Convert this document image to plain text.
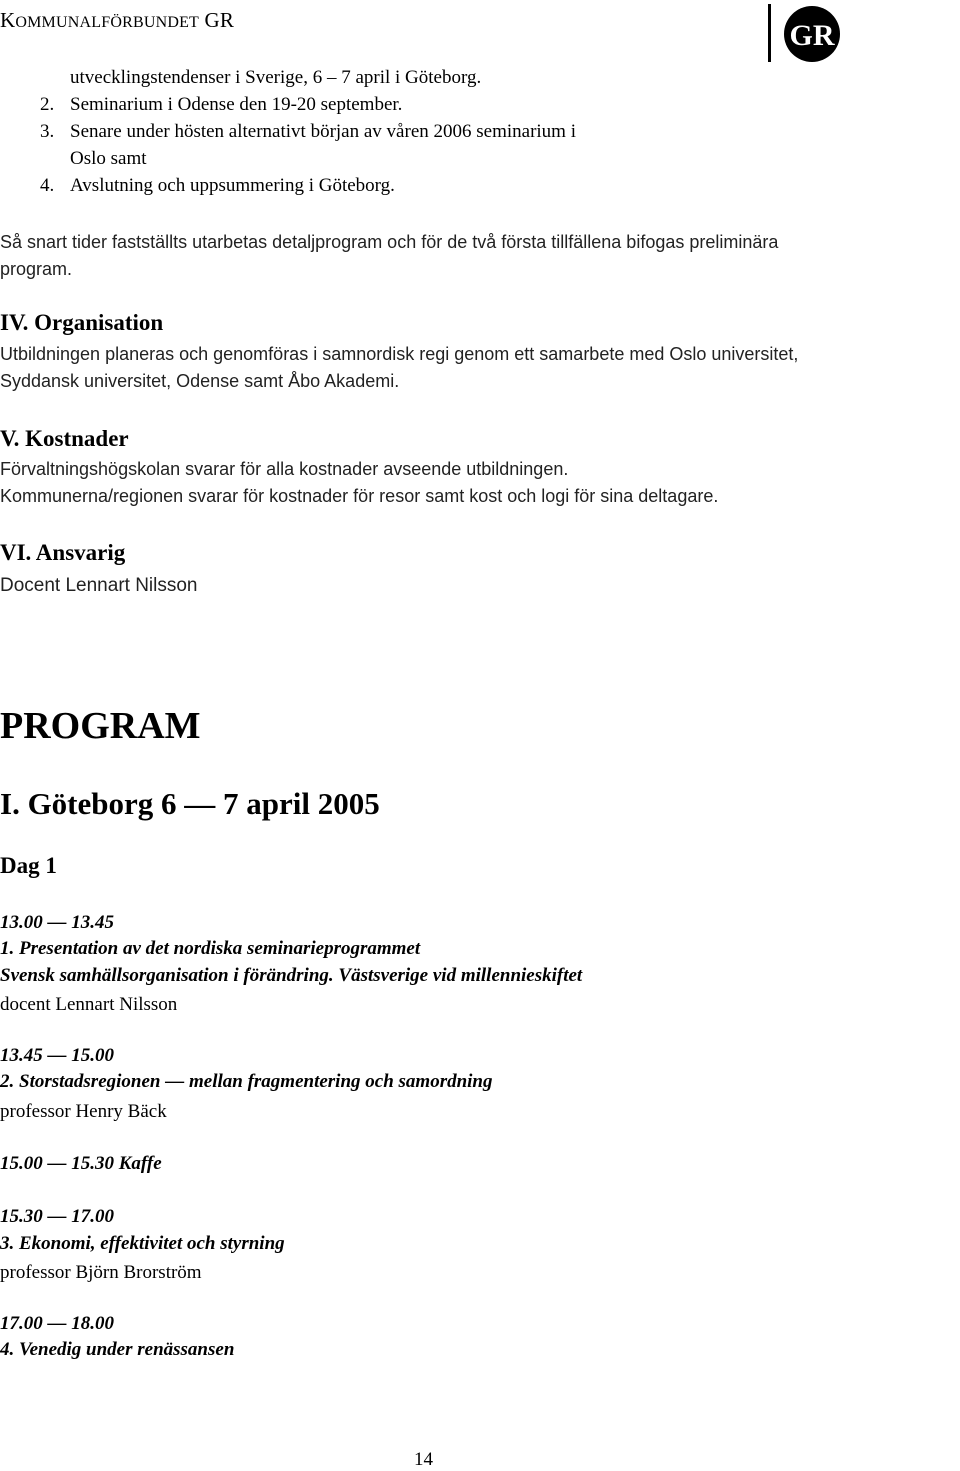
KOMMUNALFÖRBUNDET GR	GR
utvecklingstendenser i Sverige, 6 – 7 april i Göteborg.
2. Seminarium i Odense den 19-20 september.
3. Senare under hösten alternativt början av våren 2006 seminarium i
Oslo samt
4. Avslutning och uppsummering i Göteborg.
Så snart tider fastställts utarbetas detaljprogram och för de två första tillfällena bifogas preliminära
program.
IV. Organisation
Utbildningen planeras och genomföras i samnordisk regi genom ett samarbete med Oslo universitet,
Syddansk universitet, Odense samt Åbo Akademi.
V. Kostnader
Förvaltningshögskolan svarar för alla kostnader avseende utbildningen.
Kommunerna/regionen svarar för kostnader för resor samt kost och logi för sina deltagare.
VI. Ansvarig
Docent Lennart Nilsson
PROGRAM
I. Göteborg 6 — 7 april 2005
Dag 1
13.00 — 13.45
1. Presentation av det nordiska seminarieprogrammet
Svensk samhällsorganisation i förändring. Västsverige vid millennieskiftet
docent Lennart Nilsson
13.45 — 15.00
2. Storstadsregionen — mellan fragmentering och samordning
professor Henry Bäck
15.00 — 15.30 Kaffe
15.30 — 17.00
3. Ekonomi, effektivitet och styrning
professor Björn Brorström
17.00 — 18.00
4. Venedig under renässansen
14
